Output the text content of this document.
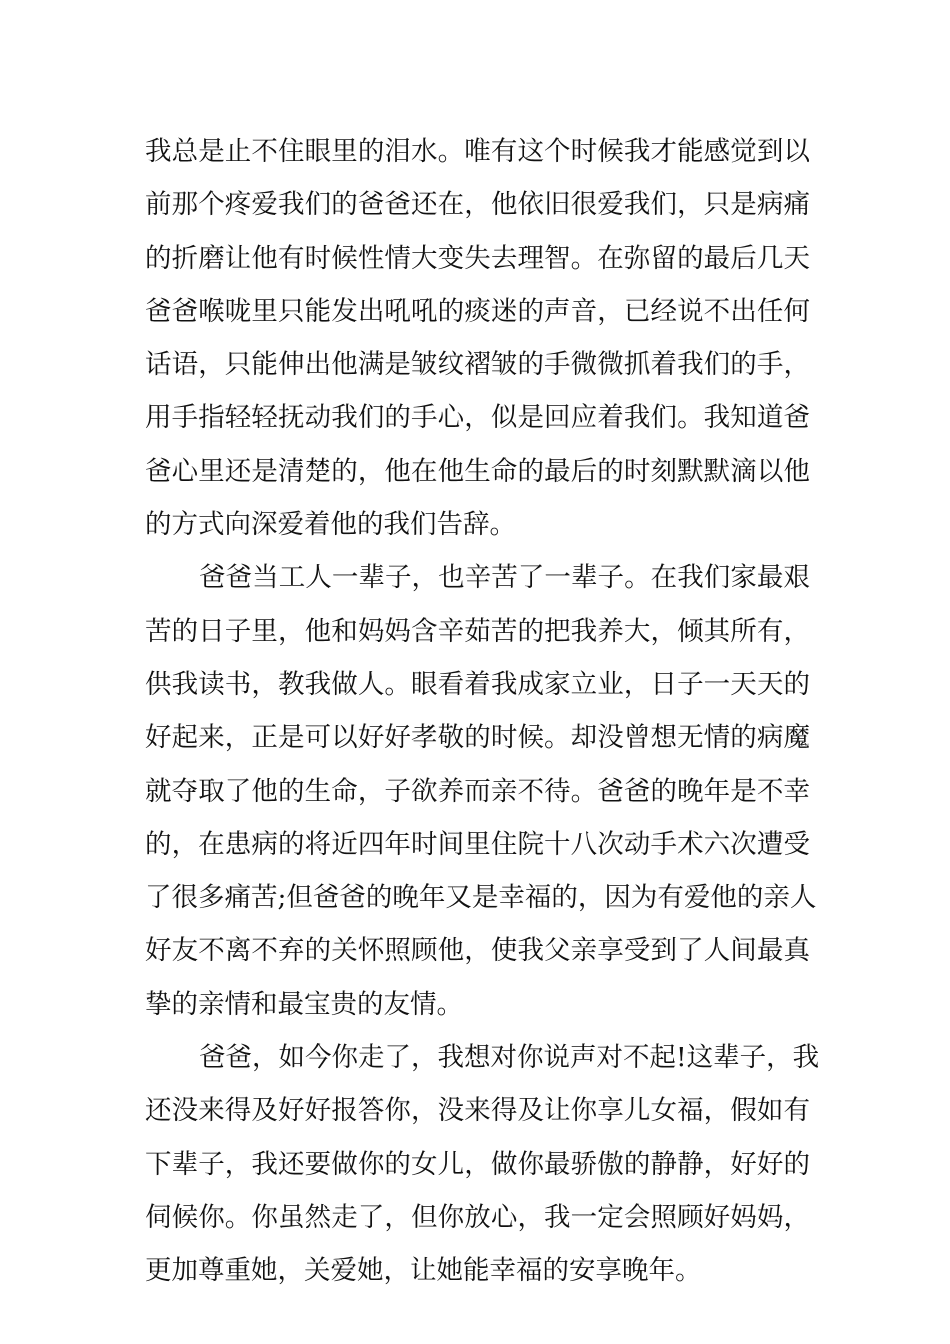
我总是止不住眼里的泪水。唯有这个时候我才能感觉到以
前那个疼爱我们的爸爸还在，他依旧很爱我们，只是病痛
的折磨让他有时候性情大变失去理智。在弥留的最后几天
爸爸喉咙里只能发出吼吼的痰迷的声音，已经说不出任何
话语，只能伸出他满是皱纹褶皱的手微微抓着我们的手，
用手指轻轻抚动我们的手心，似是回应着我们。我知道爸
爸心里还是清楚的，他在他生命的最后的时刻默默滴以他
的方式向深爱着他的我们告辞。
爸爸当工人一辈子，也辛苦了一辈子。在我们家最艰
苦的日子里，他和妈妈含辛茹苦的把我养大，倾其所有，
供我读书，教我做人。眼看着我成家立业，日子一天天的
好起来，正是可以好好孝敬的时候。却没曾想无情的病魔
就夺取了他的生命，子欲养而亲不待。爸爸的晚年是不幸
的，在患病的将近四年时间里住院十八次动手术六次遭受
了很多痛苦;但爸爸的晚年又是幸福的，因为有爱他的亲人
好友不离不弃的关怀照顾他，使我父亲享受到了人间最真
挚的亲情和最宝贵的友情。
爸爸，如今你走了，我想对你说声对不起!这辈子，我
还没来得及好好报答你，没来得及让你享儿女福，假如有
下辈子，我还要做你的女儿，做你最骄傲的静静，好好的
伺候你。你虽然走了，但你放心，我一定会照顾好妈妈，
更加尊重她，关爱她，让她能幸福的安享晚年。
